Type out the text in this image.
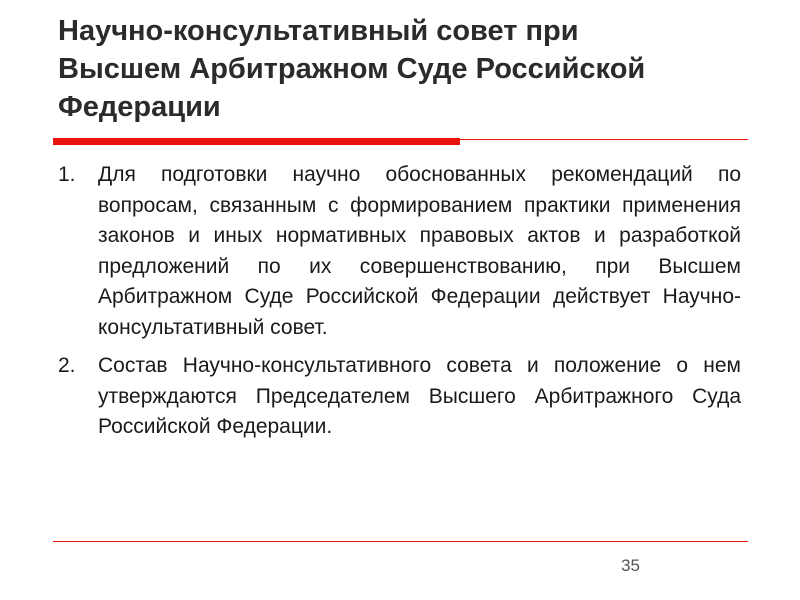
Научно-консультативный совет при
Высшем Арбитражном Суде Российской
Федерации
1.	Для подготовки научно обоснованных рекомендаций по вопросам, связанным с формированием практики применения законов и иных нормативных правовых актов и разработкой предложений по их совершенствованию, при Высшем Арбитражном Суде Российской Федерации действует Научно-консультативный совет.
2.	Состав Научно-консультативного совета и положение о нем утверждаются Председателем Высшего Арбитражного Суда Российской Федерации.
35
